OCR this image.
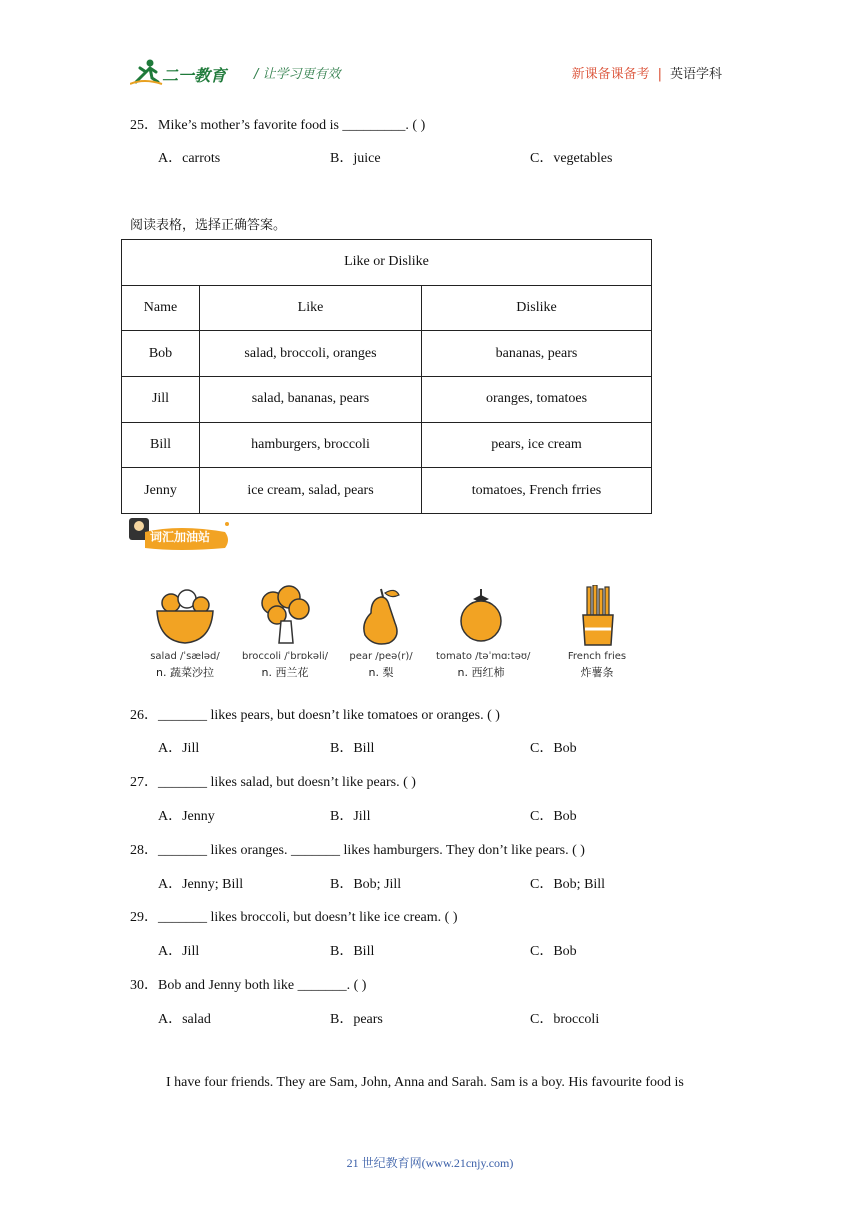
二一教育 / 让学习更有效	新课备课备考 | 英语学科
25．Mike’s mother’s favorite food is _________. ( )
A．carrots	B．juice	C．vegetables
阅读表格，选择正确答案。
Like or Dislike		
Name	Like	Dislike
Bob	salad, broccoli, oranges	bananas, pears
Jill	salad, bananas, pears	oranges, tomatoes
Bill	hamburgers, broccoli	pears, ice cream
Jenny	ice cream, salad, pears	tomatoes, French frries
词汇加油站
salad /ˈsæləd/
n. 蔬菜沙拉
broccoli /ˈbrɒkəli/
n. 西兰花
pear /peə(r)/
n. 梨
tomato /təˈmɑːtəʊ/
n. 西红柿
French fries
炸薯条
26．_______ likes pears, but doesn’t like tomatoes or oranges. ( )
A．Jill	B．Bill	C．Bob
27．_______ likes salad, but doesn’t like pears. ( )
A．Jenny	B．Jill	C．Bob
28．_______ likes oranges. _______ likes hamburgers. They don’t like pears. ( )
A．Jenny; Bill	B．Bob; Jill	C．Bob; Bill
29．_______ likes broccoli, but doesn’t like ice cream. ( )
A．Jill	B．Bill	C．Bob
30．Bob and Jenny both like _______. ( )
A．salad	B．pears	C．broccoli
I have four friends. They are Sam, John, Anna and Sarah. Sam is a boy. His favourite food is
21 世纪教育网(www.21cnjy.com)
